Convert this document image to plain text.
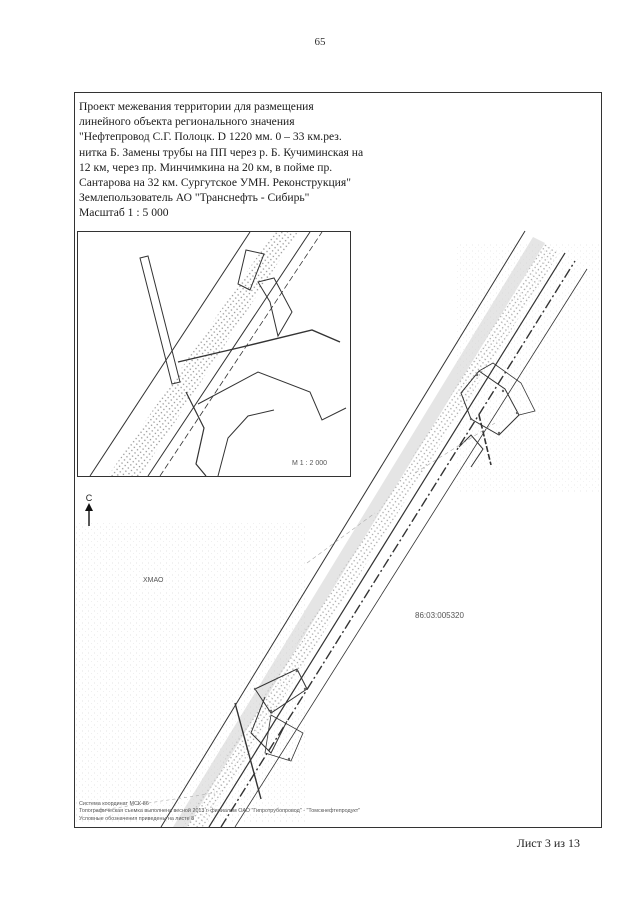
65
Проект межевания территории для размещения
линейного объекта регионального значения
"Нефтепровод С.Г. Полоцк. D 1220 мм. 0 – 33 км.рез.
нитка Б. Замены трубы на ПП через р. Б. Кучиминская на
12 км, через пр. Минчимкина на 20 км, в пойме пр.
Сантарова на 32 км. Сургутское УМН. Реконструкция"
Землепользователь АО "Транснефть - Сибирь"
Масштаб 1 : 5 000
М 1 : 2 000
С
ХМАО
86:03:005320
Система координат МСК-86
Топографическая съемка выполнена весной 2013 г. филиалом ОАО "Гипротрубопровод" - "Томскнефтепродукт"
Условные обозначения приведены на листе 8
Лист 3 из 13
